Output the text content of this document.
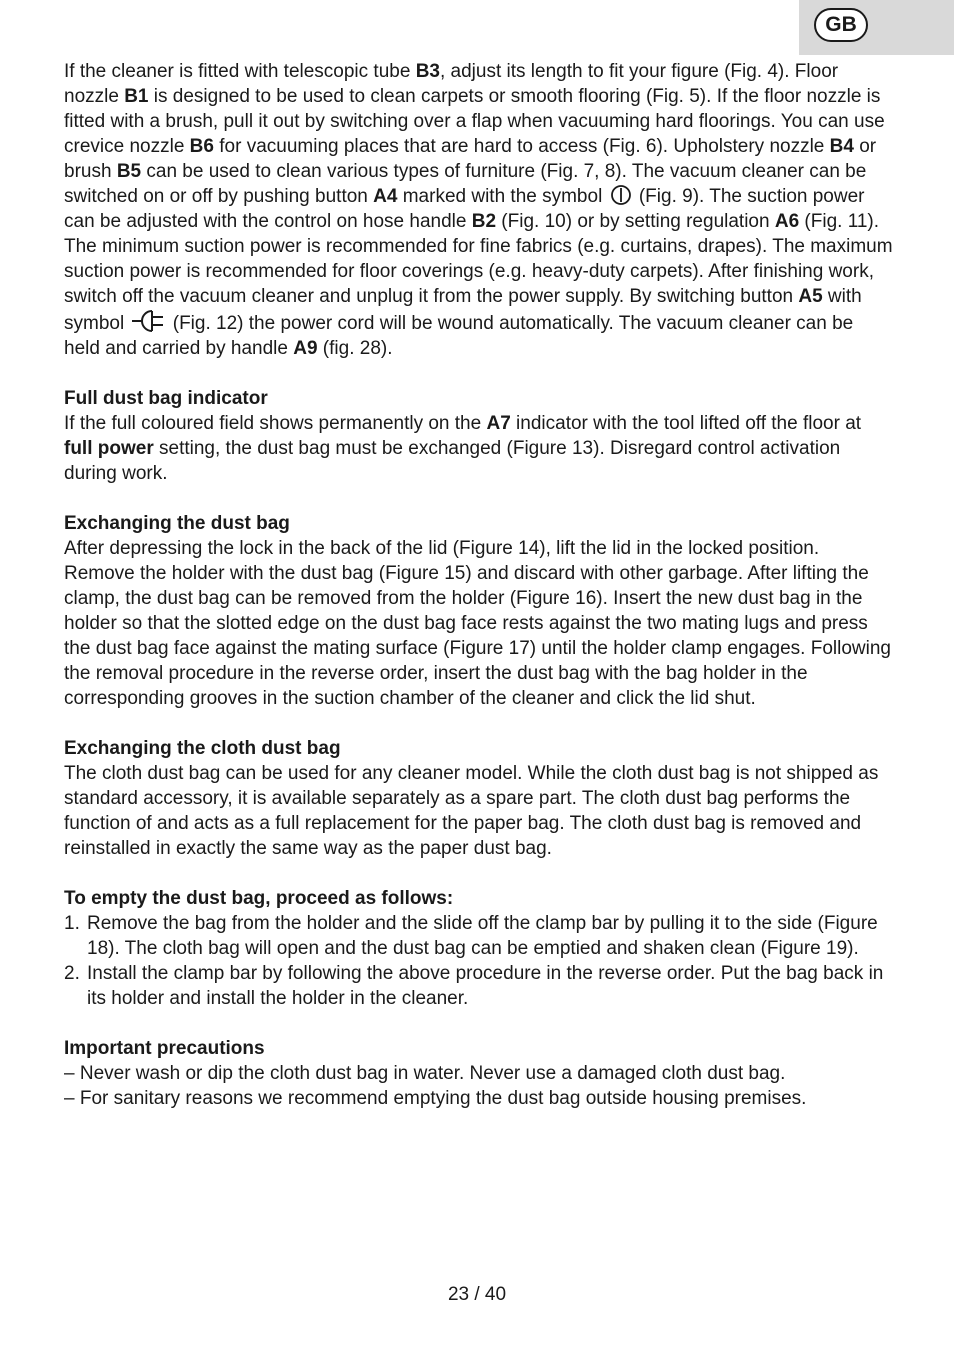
GB

If the cleaner is fitted with telescopic tube B3, adjust its length to fit your figure (Fig. 4). Floor nozzle B1 is designed to be used to clean carpets or smooth flooring (Fig. 5). If the floor nozzle is fitted with a brush, pull it out by switching over a flap when vacuuming hard floorings. You can use crevice nozzle B6 for vacuuming places that are hard to access (Fig. 6). Upholstery nozzle B4 or brush B5 can be used to clean various types of furniture (Fig. 7, 8). The vacuum cleaner can be switched on or off by pushing button A4 marked with the symbol  (Fig. 9). The suction power can be adjusted with the control on hose handle B2 (Fig. 10) or by setting regulation A6 (Fig. 11). The minimum suction power is recommended for fine fabrics (e.g. curtains, drapes). The maximum suction power is recommended for floor coverings (e.g. heavy-duty carpets). After finishing work, switch off the vacuum cleaner and unplug it from the power supply. By switching button A5 with symbol  (Fig. 12) the power cord will be wound automatically. The vacuum cleaner can be held and carried by handle A9 (fig. 28).

Full dust bag indicator

If the full coloured field shows permanently on the A7 indicator with the tool lifted off the floor at full power setting, the dust bag must be exchanged (Figure 13). Disregard control activation during work.

Exchanging the dust bag

After depressing the lock in the back of the lid (Figure 14), lift the lid in the locked position. Remove the holder with the dust bag (Figure 15) and discard with other garbage. After lifting the clamp, the dust bag can be removed from the holder (Figure 16). Insert the new dust bag in the holder so that the slotted edge on the dust bag face rests against the two mating lugs and press the dust bag face against the mating surface (Figure 17) until the holder clamp engages. Following the removal procedure in the reverse order, insert the dust bag with the bag holder in the corresponding grooves in the suction chamber of the cleaner and click the lid shut.

Exchanging the cloth dust bag

The cloth dust bag can be used for any cleaner model. While the cloth dust bag is not shipped as standard accessory, it is available separately as a spare part. The cloth dust bag performs the function of and acts as a full replacement for the paper bag. The cloth dust bag is removed and reinstalled in exactly the same way as the paper dust bag.

To empty the dust bag, proceed as follows:

1. Remove the bag from the holder and the slide off the clamp bar by pulling it to the side (Figure 18). The cloth bag will open and the dust bag can be emptied and shaken clean (Figure 19).
2. Install the clamp bar by following the above procedure in the reverse order. Put the bag back in its holder and install the holder in the cleaner.

Important precautions

– Never wash or dip the cloth dust bag in water. Never use a damaged cloth dust bag.
– For sanitary reasons we recommend emptying the dust bag outside housing premises.
23 / 40
